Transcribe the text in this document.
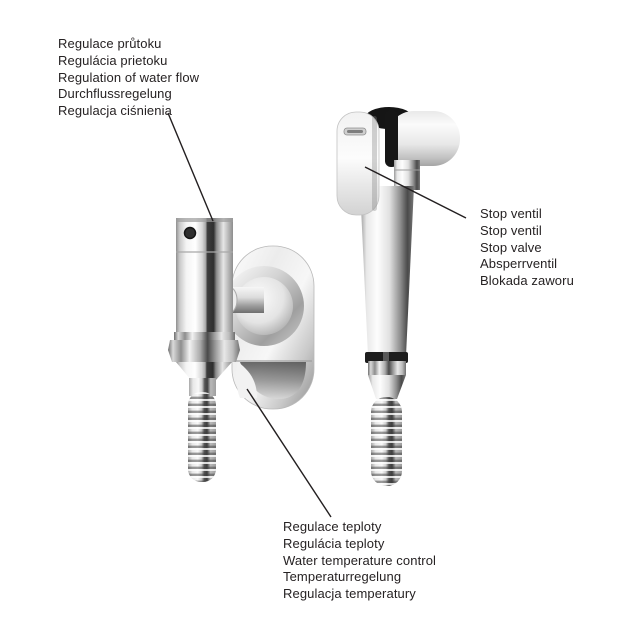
Regulace průtoku
Regulácia prietoku
Regulation of water flow
Durchflussregelung
Regulacja ciśnienia
Stop ventil
Stop ventil
Stop valve
Absperrventil
Blokada zaworu
Regulace teploty
Regulácia teploty
Water temperature control
Temperaturregelung
Regulacja temperatury
